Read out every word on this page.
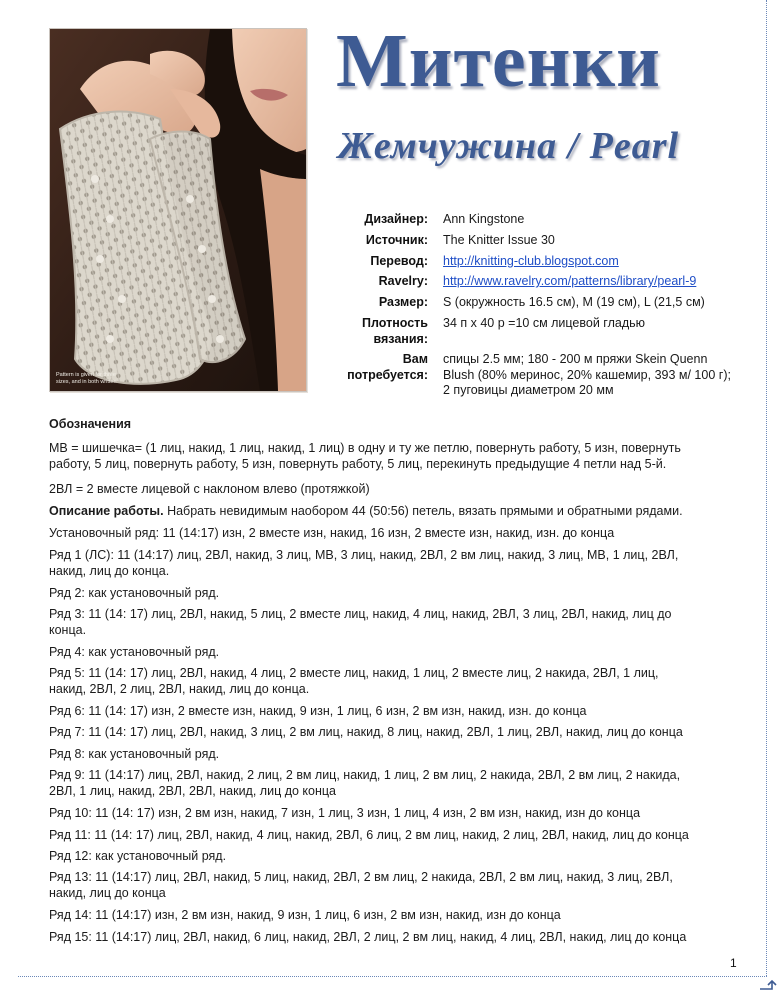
Pattern is given for three sizes, and in both written
Митенки
Жемчужина / Pearl
Дизайнер: Ann Kingstone
Источник: The Knitter Issue 30
Перевод: http://knitting-club.blogspot.com
Ravelry: http://www.ravelry.com/patterns/library/pearl-9
Размер: S (окружность 16.5 см), M (19 см), L (21,5 см)
Плотность
вязания:
34 п х 40 р =10 см лицевой гладью
Вам
потребуется:
спицы 2.5 мм; 180 - 200 м пряжи Skein Quenn
Blush (80% меринос, 20% кашемир, 393 м/ 100 г);
2 пуговицы диаметром 20 мм
Обозначения
МВ = шишечка= (1 лиц, накид, 1 лиц, накид, 1 лиц) в одну и ту же петлю, повернуть работу, 5 изн, повернуть
работу, 5 лиц, повернуть работу, 5 изн, повернуть работу, 5 лиц, перекинуть предыдущие 4 петли над 5-й.
2ВЛ = 2 вместе лицевой с наклоном влево (протяжкой)
Описание работы. Набрать невидимым наобором 44 (50:56) петель, вязать прямыми и обратными рядами.
Установочный ряд: 11 (14:17) изн, 2 вместе изн, накид, 16 изн, 2 вместе изн, накид, изн. до конца
Ряд 1 (ЛС): 11 (14:17) лиц, 2ВЛ, накид, 3 лиц, МВ, 3 лиц, накид, 2ВЛ, 2 вм лиц, накид, 3 лиц, МВ, 1 лиц, 2ВЛ,
накид, лиц до конца.
Ряд 2: как установочный ряд.
Ряд 3: 11 (14: 17) лиц, 2ВЛ, накид, 5 лиц, 2 вместе лиц, накид, 4 лиц, накид, 2ВЛ, 3 лиц, 2ВЛ, накид, лиц до
конца.
Ряд 4: как установочный ряд.
Ряд 5: 11 (14: 17) лиц, 2ВЛ, накид, 4 лиц, 2 вместе лиц, накид, 1 лиц, 2 вместе лиц, 2 накида, 2ВЛ, 1 лиц,
накид, 2ВЛ, 2 лиц, 2ВЛ, накид, лиц до конца.
Ряд 6: 11 (14: 17) изн, 2 вместе изн, накид, 9 изн, 1 лиц, 6 изн, 2 вм изн, накид, изн. до конца
Ряд 7: 11 (14: 17) лиц, 2ВЛ, накид, 3 лиц, 2 вм лиц, накид, 8 лиц, накид, 2ВЛ, 1 лиц, 2ВЛ, накид, лиц до конца
Ряд 8: как установочный ряд.
Ряд 9: 11 (14:17) лиц, 2ВЛ, накид, 2 лиц, 2 вм лиц, накид, 1 лиц, 2 вм лиц, 2 накида, 2ВЛ, 2 вм лиц, 2 накида,
2ВЛ, 1 лиц, накид, 2ВЛ, 2ВЛ, накид, лиц до конца
Ряд 10: 11 (14: 17) изн, 2 вм изн, накид, 7 изн, 1 лиц, 3 изн, 1 лиц, 4 изн, 2 вм изн, накид, изн до конца
Ряд 11: 11 (14: 17) лиц, 2ВЛ, накид, 4 лиц, накид, 2ВЛ, 6 лиц, 2 вм лиц, накид, 2 лиц, 2ВЛ, накид, лиц до конца
Ряд 12: как установочный ряд.
Ряд 13: 11 (14:17) лиц, 2ВЛ, накид, 5 лиц, накид, 2ВЛ, 2 вм лиц, 2 накида, 2ВЛ, 2 вм лиц, накид, 3 лиц, 2ВЛ,
накид, лиц до конца
Ряд 14: 11 (14:17) изн, 2 вм изн, накид, 9 изн, 1 лиц, 6 изн, 2 вм изн, накид, изн до конца
Ряд 15: 11 (14:17) лиц, 2ВЛ, накид, 6 лиц, накид, 2ВЛ, 2 лиц, 2 вм лиц, накид, 4 лиц, 2ВЛ, накид, лиц до конца
1
